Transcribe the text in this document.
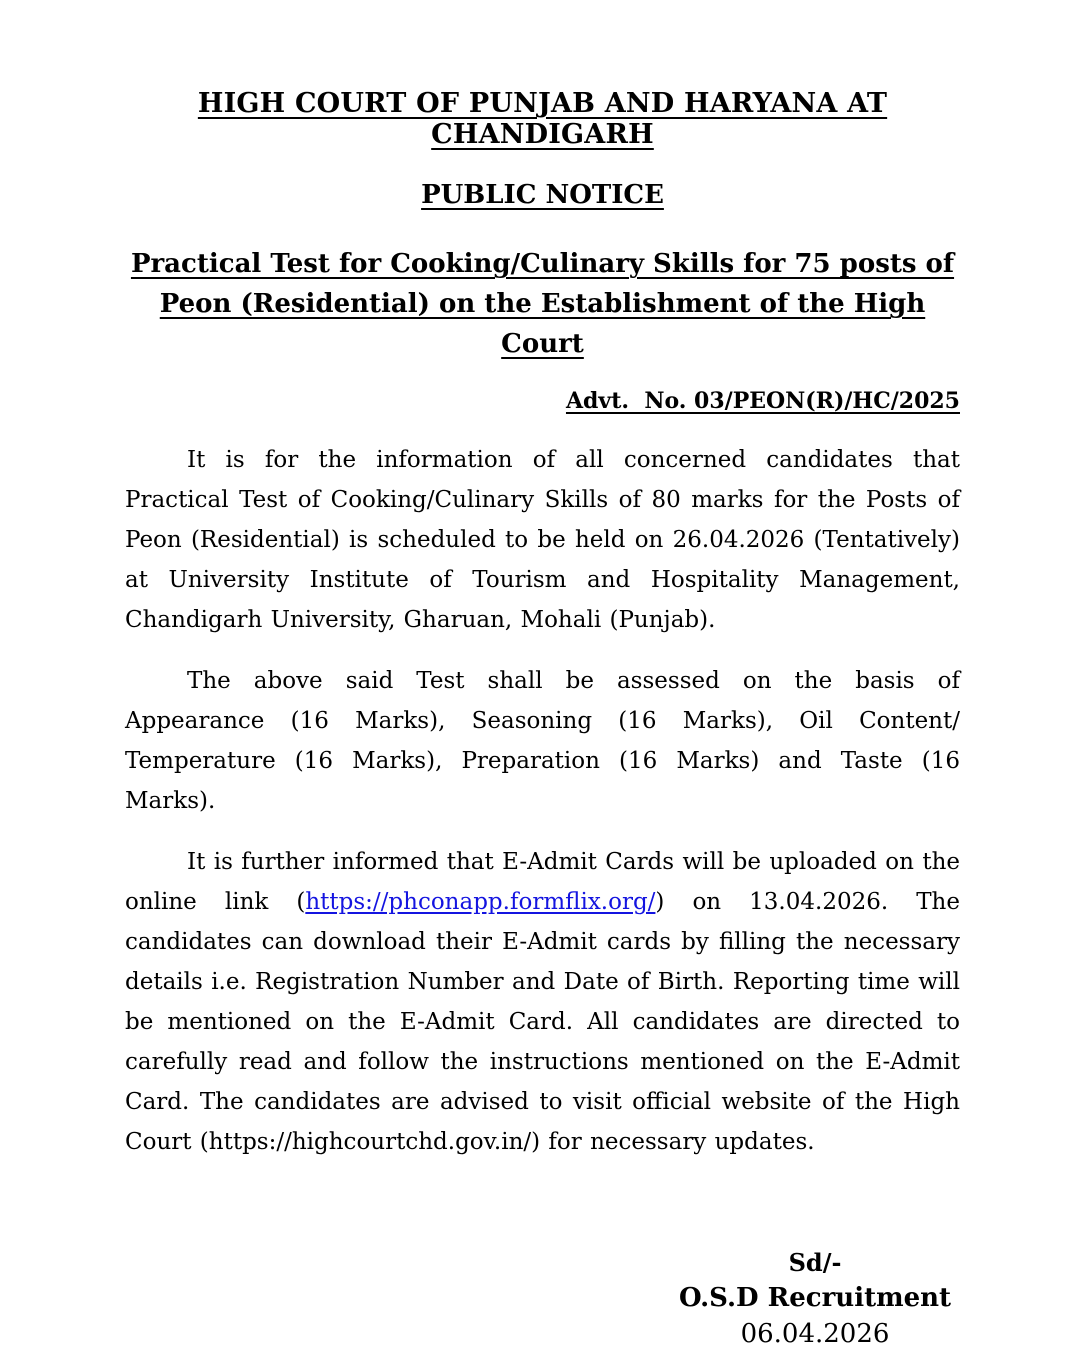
HIGH COURT OF PUNJAB AND HARYANA AT CHANDIGARH
PUBLIC NOTICE
Practical Test for Cooking/Culinary Skills for 75 posts of
Peon (Residential) on the Establishment of the High Court
Advt.  No. 03/PEON(R)/HC/2025

It is for the information of all concerned candidates that Practical Test of Cooking/Culinary Skills of 80 marks for the Posts of Peon (Residential) is scheduled to be held on 26.04.2026 (Tentatively) at University Institute of Tourism and Hospitality Management, Chandigarh University, Gharuan, Mohali (Punjab).

The above said Test shall be assessed on the basis of Appearance (16 Marks), Seasoning (16 Marks), Oil Content/ Temperature (16 Marks), Preparation (16 Marks) and Taste (16 Marks).

It is further informed that E-Admit Cards will be uploaded on the online link (https://phconapp.formflix.org/) on 13.04.2026. The candidates can download their E-Admit cards by filling the necessary details i.e. Registration Number and Date of Birth. Reporting time will be mentioned on the E-Admit Card. All candidates are directed to carefully read and follow the instructions mentioned on the E-Admit Card. The candidates are advised to visit official website of the High Court (https://highcourtchd.gov.in/) for necessary updates.

Sd/-
O.S.D Recruitment
06.04.2026
